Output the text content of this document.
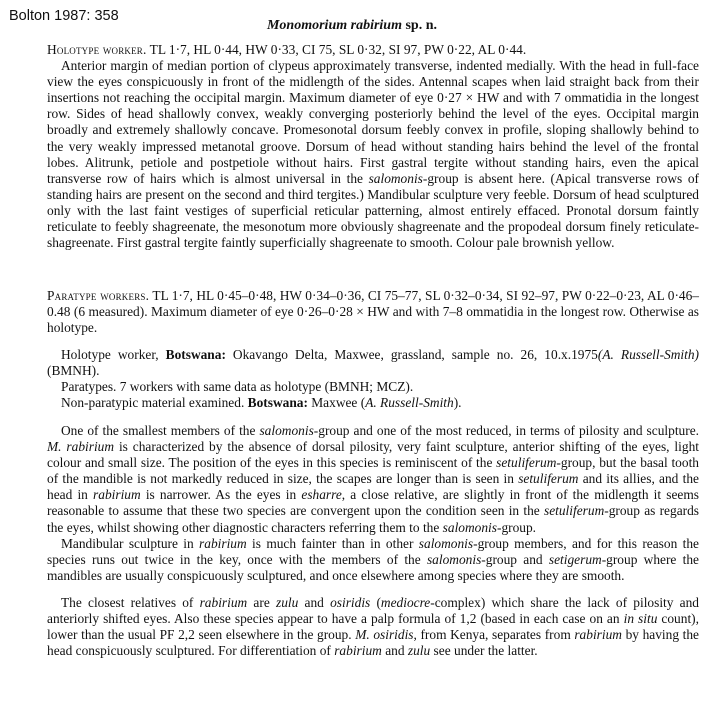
Bolton 1987: 358
Monomorium rabirium sp. n.

Holotype worker. TL 1·7, HL 0·44, HW 0·33, CI 75, SL 0·32, SI 97, PW 0·22, AL 0·44.

Anterior margin of median portion of clypeus approximately transverse, indented medially. With the head in full-face view the eyes conspicuously in front of the midlength of the sides. Antennal scapes when laid straight back from their insertions not reaching the occipital margin. Maximum diameter of eye 0·27 × HW and with 7 ommatidia in the longest row. Sides of head shallowly convex, weakly converging posteriorly behind the level of the eyes. Occipital margin broadly and extremely shallowly concave. Promesonotal dorsum feebly convex in profile, sloping shallowly behind to the very weakly impressed metanotal groove. Dorsum of head without standing hairs behind the level of the frontal lobes. Alitrunk, petiole and postpetiole without hairs. First gastral tergite without standing hairs, even the apical transverse row of hairs which is almost universal in the salomonis-group is absent here. (Apical transverse rows of standing hairs are present on the second and third tergites.) Mandibular sculpture very feeble. Dorsum of head sculptured only with the last faint vestiges of superficial reticular patterning, almost entirely effaced. Pronotal dorsum faintly reticulate to feebly shagreenate, the mesonotum more obviously shagreenate and the propodeal dorsum finely reticulate-shagreenate. First gastral tergite faintly superficially shagreenate to smooth. Colour pale brownish yellow.

Paratype workers. TL 1·7, HL 0·45–0·48, HW 0·34–0·36, CI 75–77, SL 0·32–0·34, SI 92–97, PW 0·22–0·23, AL 0·46–0.48 (6 measured). Maximum diameter of eye 0·26–0·28 × HW and with 7–8 ommatidia in the longest row. Otherwise as holotype.

Holotype worker, Botswana: Okavango Delta, Maxwee, grassland, sample no. 26, 10.x.1975(A. Russell-Smith) (BMNH).

Paratypes. 7 workers with same data as holotype (BMNH; MCZ).

Non-paratypic material examined. Botswana: Maxwee (A. Russell-Smith).

One of the smallest members of the salomonis-group and one of the most reduced, in terms of pilosity and sculpture. M. rabirium is characterized by the absence of dorsal pilosity, very faint sculpture, anterior shifting of the eyes, light colour and small size. The position of the eyes in this species is reminiscent of the setuliferum-group, but the basal tooth of the mandible is not markedly reduced in size, the scapes are longer than is seen in setuliferum and its allies, and the head in rabirium is narrower. As the eyes in esharre, a close relative, are slightly in front of the midlength it seems reasonable to assume that these two species are convergent upon the condition seen in the setuliferum-group as regards the eyes, whilst showing other diagnostic characters referring them to the salomonis-group.

Mandibular sculpture in rabirium is much fainter than in other salomonis-group members, and for this reason the species runs out twice in the key, once with the members of the salomonis-group and setigerum-group where the mandibles are usually conspicuously sculptured, and once elsewhere among species where they are smooth.

The closest relatives of rabirium are zulu and osiridis (mediocre-complex) which share the lack of pilosity and anteriorly shifted eyes. Also these species appear to have a palp formula of 1,2 (based in each case on an in situ count), lower than the usual PF 2,2 seen elsewhere in the group. M. osiridis, from Kenya, separates from rabirium by having the head conspicuously sculptured. For differentiation of rabirium and zulu see under the latter.
